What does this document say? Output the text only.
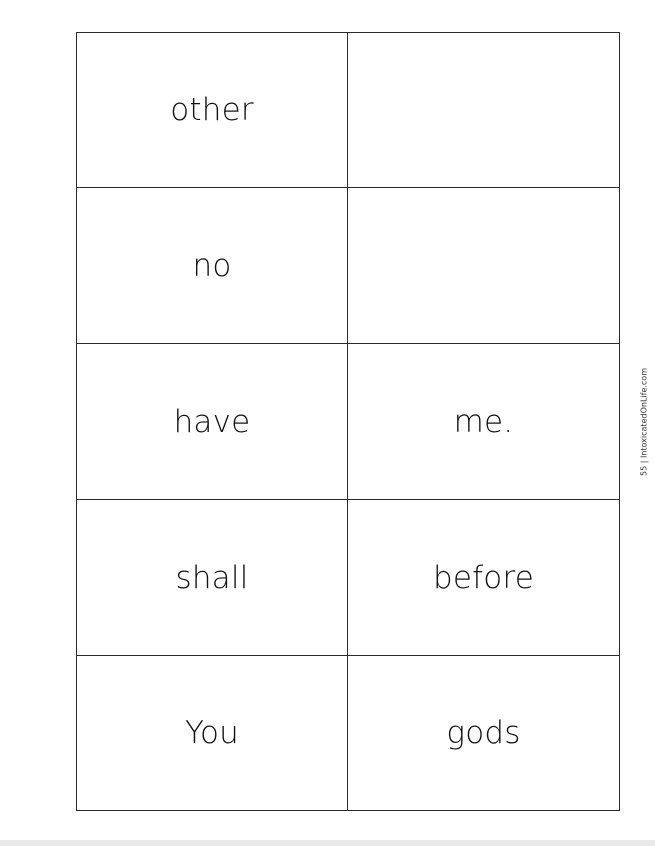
other
no
have	me.
shall	before
You	gods
55 | IntoxicatedOnLife.com
